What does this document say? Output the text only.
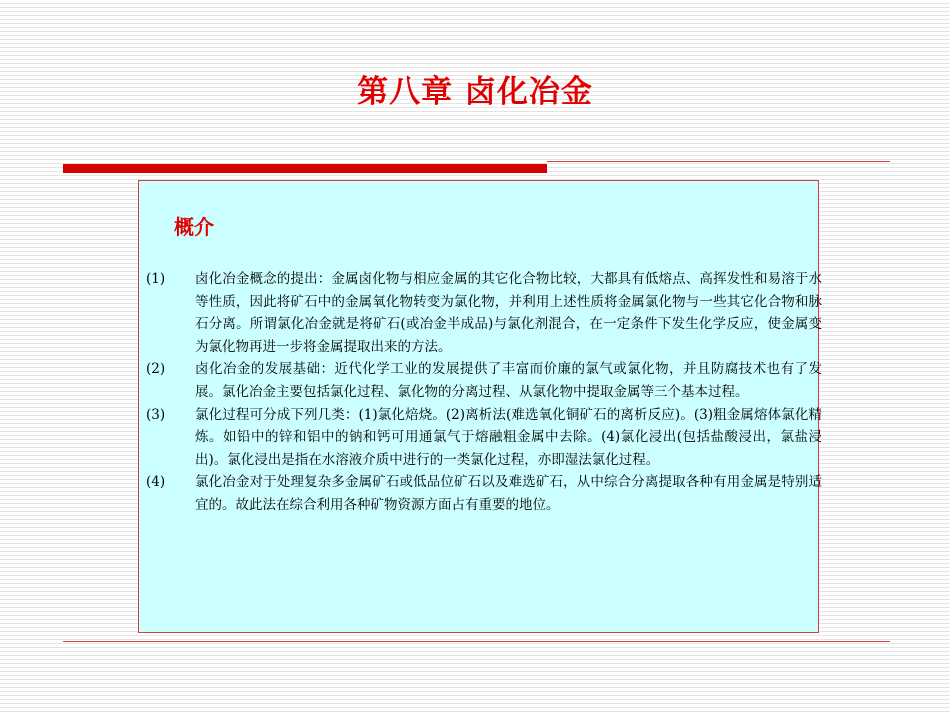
第八章 卤化冶金
概介
(1)	卤化冶金概念的提出：金属卤化物与相应金属的其它化合物比较，大都具有低熔点、高挥发性和易溶于水等性质，因此将矿石中的金属氧化物转变为氯化物，并利用上述性质将金属氯化物与一些其它化合物和脉石分离。所谓氯化冶金就是将矿石(或冶金半成品)与氯化剂混合，在一定条件下发生化学反应，使金属变为氯化物再进一步将金属提取出来的方法。
(2)	卤化冶金的发展基础：近代化学工业的发展提供了丰富而价廉的氯气或氯化物，并且防腐技术也有了发展。氯化冶金主要包括氯化过程、氯化物的分离过程、从氯化物中提取金属等三个基本过程。
(3)	氯化过程可分成下列几类：(1)氯化焙烧。(2)离析法(难选氧化铜矿石的离析反应)。(3)粗金属熔体氯化精炼。如铅中的锌和铝中的钠和钙可用通氯气于熔融粗金属中去除。(4)氯化浸出(包括盐酸浸出，氯盐浸出)。氯化浸出是指在水溶液介质中进行的一类氯化过程，亦即湿法氯化过程。
(4)	氯化冶金对于处理复杂多金属矿石或低品位矿石以及难选矿石，从中综合分离提取各种有用金属是特别适宜的。故此法在综合利用各种矿物资源方面占有重要的地位。
